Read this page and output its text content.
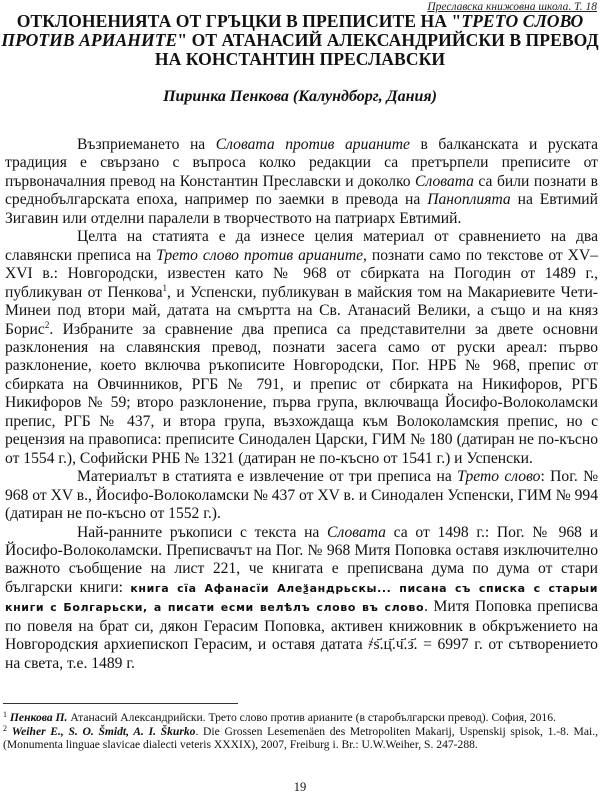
Преславска книжовна школа. Т. 18
ОТКЛОНЕНИЯТА ОТ ГРЪЦКИ В ПРЕПИСИТЕ НА "ТРЕТО СЛОВО ПРОТИВ АРИАНИТЕ" ОТ АТАНАСИЙ АЛЕКСАНДРИЙСКИ В ПРЕВОД НА КОНСТАНТИН ПРЕСЛАВСКИ
Пиринка Пенкова (Калундборг, Дания)

Възприемането на Словата против арианите в балканската и руската традиция е свързано с въпроса колко редакции са претърпели преписите от първоначалния превод на Константин Преславски и доколко Словата са били познати в среднобългарската епоха, например по заемки в превода на Паноплията на Евтимий Зигавин или отделни паралели в творчеството на патриарх Евтимий.

Целта на статията е да изнесе целия материал от сравнението на два славянски преписа на Трето слово против арианите, познати само по текстове от XV–XVI в.: Новгородски, известен като № 968 от сбирката на Погодин от 1489 г., публикуван от Пенкова$^1$, и Успенски, публикуван в майския том на Макариевите Чети-Минеи под втори май, датата на смъртта на Св. Атанасий Велики, а също и на княз Борис$^2$. Избраните за сравнение два преписа са представителни за двете основни разклонения на славянския превод, познати засега само от руски ареал: първо разклонение, което включва ръкописите Новгородски, Пог. НРБ № 968, препис от сбирката на Овчинников, РГБ № 791, и препис от сбирката на Никифоров, РГБ Никифоров № 59; второ разклонение, първа група, включваща Йосифо-Волоколамски препис, РГБ № 437, и втора група, възхождаща към Волоколамския препис, но с рецензия на правописа: преписите Синодален Царски, ГИМ № 180 (датиран не по-късно от 1554 г.), Софийски РНБ № 1321 (датиран не по-късно от 1541 г.) и Успенски.

Материалът в статията е извлечение от три преписа на Трето слово: Пог. № 968 от XV в., Йосифо-Волоколамски № 437 от XV в. и Синодален Успенски, ГИМ № 994 (датиран не по-късно от 1552 г.).

Най-ранните ръкописи с текста на Словата са от 1498 г.: Пог. № 968 и Йосифо-Волоколамски. Преписвачът на Пог. № 968 Митя Поповка оставя изключително важното съобщение на лист 221, че книгата е преписвана дума по дума от стари български книги: книга сїа Афанасїи Алеѯандрьскы... писана съ списка с старыи книги с Болгарьски, а писати есми велѣлъ слово въ слово. Митя Поповка преписва по повеля на брат си, дякон Герасим Поповка, активен книжовник в обкръжението на Новгородския архиепископ Герасим, и оставя датата ҂ѕ҃.ц҃.ч҃.з҃. = 6997 г. от сътворението на света, т.е. 1489 г.

$^1$ Пенкова П. Атанасий Александрийски. Трето слово против арианите (в старобългарски превод). София, 2016.

$^2$ Weiher E., S. O. Šmidt, A. I. Škurko. Die Grossen Lesemenäen des Metropoliten Makarij, Uspenskij spisok, 1.-8. Mai., (Monumenta linguae slavicae dialecti veteris XXXIX), 2007, Freiburg i. Br.: U.W.Weiher, S. 247-288.

19
